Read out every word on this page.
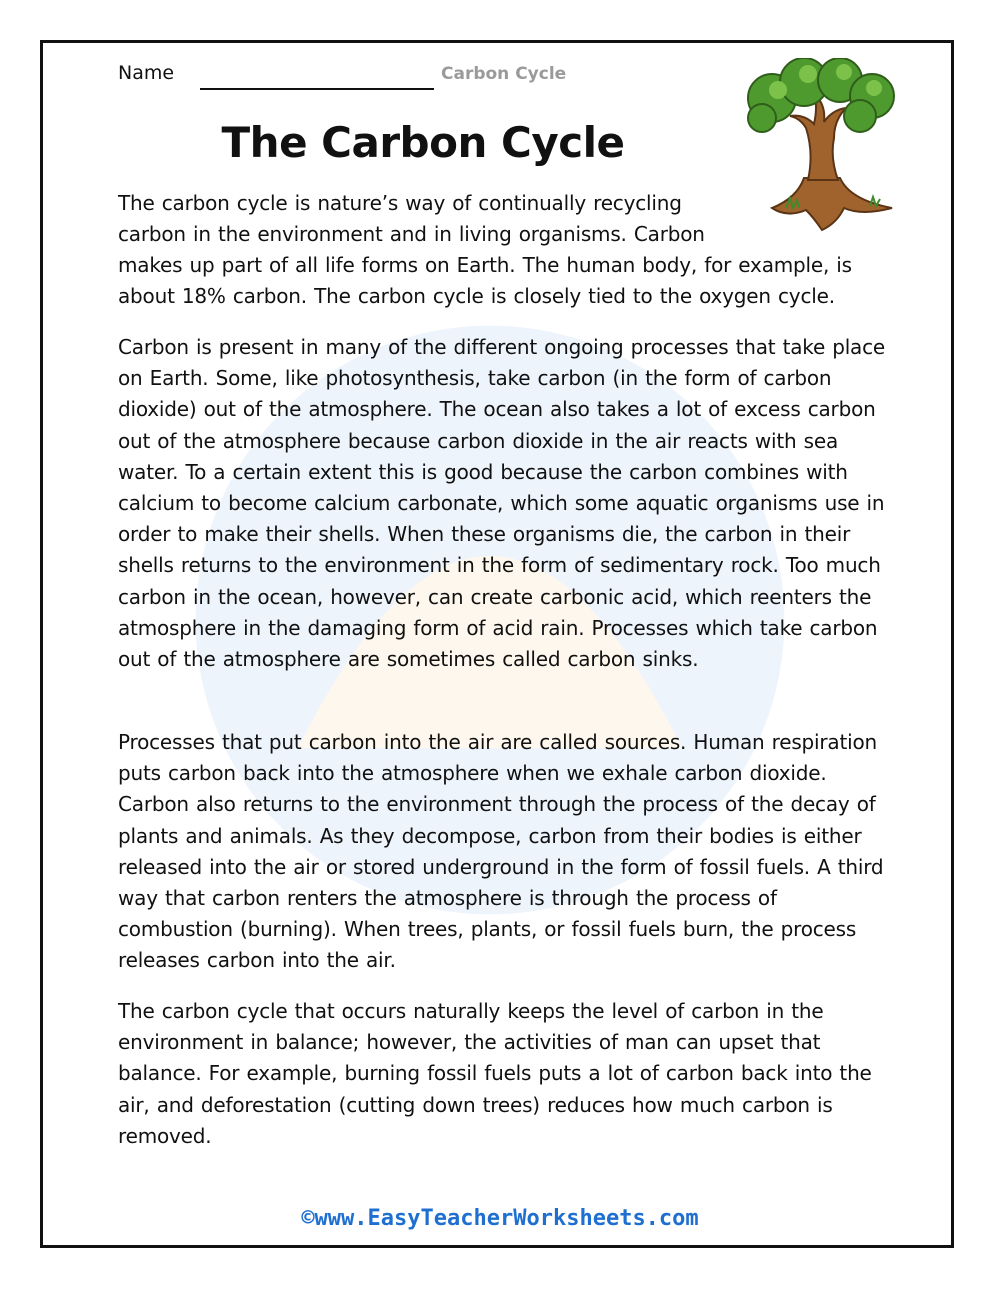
Name	Carbon Cycle
The Carbon Cycle

The carbon cycle is nature’s way of continually recycling carbon in the environment and in living organisms. Carbon

makes up part of all life forms on Earth. The human body, for example, is about 18% carbon. The carbon cycle is closely tied to the oxygen cycle.

Carbon is present in many of the different ongoing processes that take place on Earth. Some, like photosynthesis, take carbon (in the form of carbon dioxide) out of the atmosphere. The ocean also takes a lot of excess carbon out of the atmosphere because carbon dioxide in the air reacts with sea water. To a certain extent this is good because the carbon combines with calcium to become calcium carbonate, which some aquatic organisms use in order to make their shells. When these organisms die, the carbon in their shells returns to the environment in the form of sedimentary rock. Too much carbon in the ocean, however, can create carbonic acid, which reenters the atmosphere in the damaging form of acid rain. Processes which take carbon out of the atmosphere are sometimes called carbon sinks.

Processes that put carbon into the air are called sources. Human respiration puts carbon back into the atmosphere when we exhale carbon dioxide. Carbon also returns to the environment through the process of the decay of plants and animals. As they decompose, carbon from their bodies is either released into the air or stored underground in the form of fossil fuels. A third way that carbon renters the atmosphere is through the process of combustion (burning). When trees, plants, or fossil fuels burn, the process releases carbon into the air.

The carbon cycle that occurs naturally keeps the level of carbon in the environment in balance; however, the activities of man can upset that balance. For example, burning fossil fuels puts a lot of carbon back into the air, and deforestation (cutting down trees) reduces how much carbon is removed.

©www.EasyTeacherWorksheets.com
